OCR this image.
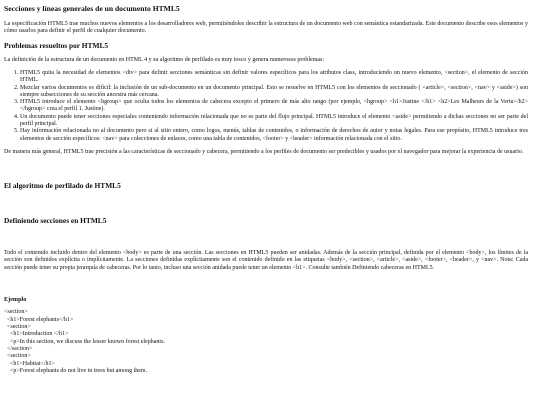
Secciones y líneas generales de un documento HTML5

La especificación HTML5 trae muchos nuevos elementos a los desarrolladores web, permitiéndoles describir la estructura de un documento web con semántica estandarizada. Este documento describe esos elementos y cómo usarlos para definir el perfil de cualquier documento.

Problemas resueltos por HTML5

La definición de la estructura de un documento en HTML 4 y su algoritmo de perfilado es muy tosco y genera numerosos problemas:

1. HTML5 quita la necesidad de elementos <div> para definir secciones semánticas sin definir valores específicos para los atributos class, introduciendo un nuevo elemento, <section>, el elemento de sección HTML.
2. Mezclar varios documentos es difícil: la inclusión de un sub-documento en un documento principal. Esto se resuelve en HTML5 con los elementos de seccionado ( <article>, <section>, <nav> y <aside>) son siempre subsecciones de su sección ancestra más cercana.
3. HTML5 introduce el elemento <hgroup> que oculta todos los elementos de cabecera excepto el primero de más alto rango (por ejemplo, <hgroup> <h1>Justine </h1> <h2>Les Malheurs de la Vertu</h2> </hgroup> crea el perfil 1. Justine).
4. Un documento puede tener secciones especiales conteniendo información relacionada que no es parte del flujo principal. HTML5 introduce el elemento <aside> permitiendo a dichas secciones no ser parte del perfil principal.
5. Hay información relacionada no al documento pero si al sitio entero, como logos, menús, tablas de contenidos, o información de derechos de autor y notas legales. Para ese propósito, HTML5 introduce tres elementos de sección específicos: <nav> para colecciones de enlaces, como una tabla de contenidos, <footer> y <header> información relacionada con el sitio.

De manera más general, HTML5 trae precisión a las características de seccionado y cabecera, permitiendo a los perfiles de documento ser predecibles y usados por el navegador para mejorar la experiencia de usuario.

El algoritmo de perfilado de HTML5
Definiendo secciones en HTML5

Todo el contenido incluido dentro del elemento <body> es parte de una sección. Las secciones en HTML5 pueden ser anidadas. Además de la sección principal, definida por el elemento <body>, los límites de la sección son definidos explícita o implícitamente. La secciones definidas explícitamente son el contenido definido en las etiquetas <body>, <section>, <article>, <aside>, <footer>, <header>, y <nav>. Nota: Cada sección puede tener su propia jerarquía de cabeceras. Por lo tanto, incluso una sección anidada puede tener un elemento <h1>. Consulte también Definiendo cabeceras en HTML5.

Ejemplo
<section>
<h1>Forest elephants</h1>
<section>
<h1>Introduction </h1>
<p>In this section, we discuss the lesser known forest elephants.
</section>
<section>
<h1>Habitat</h1>
<p>Forest elephants do not live in trees but among them.
